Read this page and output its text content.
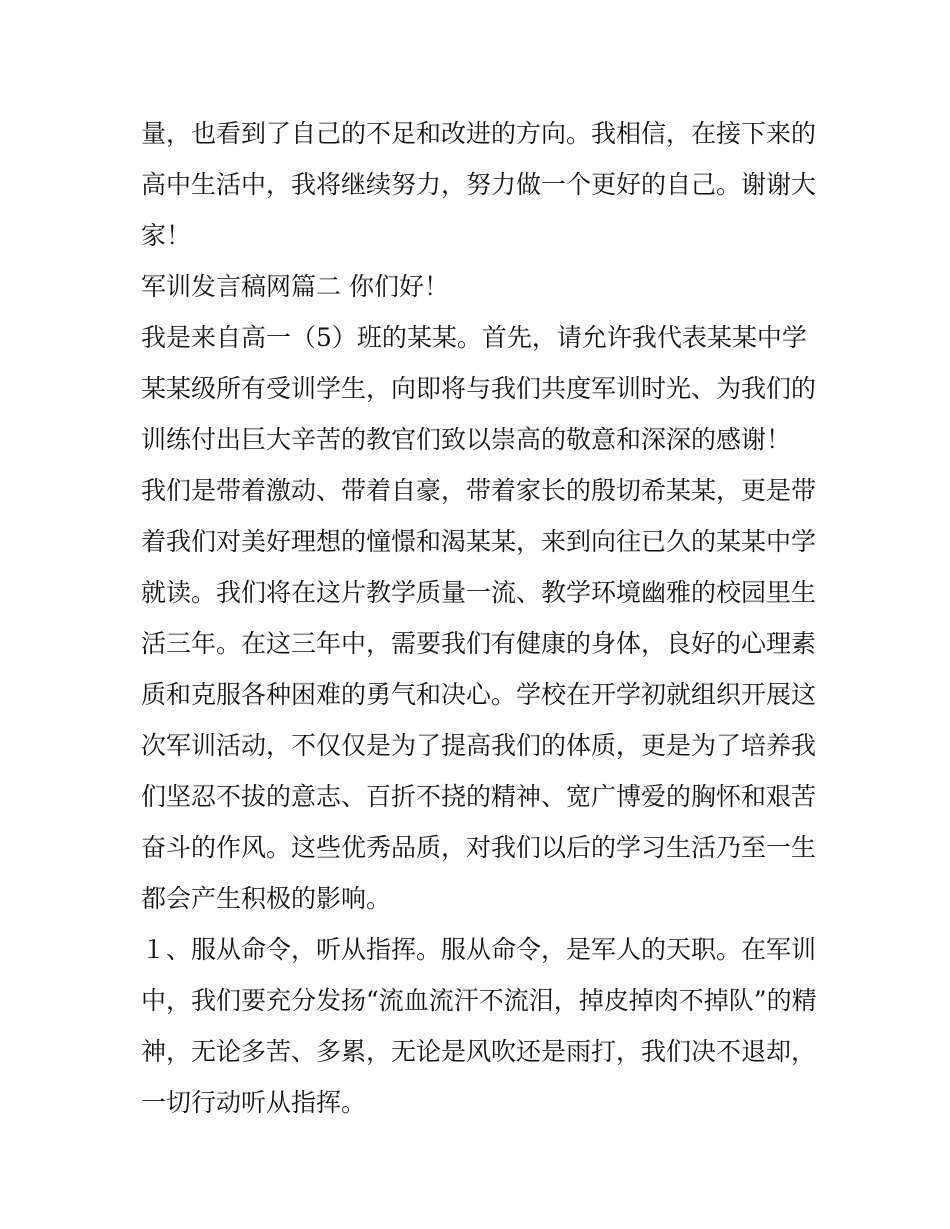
量，也看到了自己的不足和改进的方向。我相信，在接下来的
高中生活中，我将继续努力，努力做一个更好的自己。谢谢大
家！
军训发言稿网篇二 你们好！
我是来自高一（5）班的某某。首先，请允许我代表某某中学
某某级所有受训学生，向即将与我们共度军训时光、为我们的
训练付出巨大辛苦的教官们致以崇高的敬意和深深的感谢！
我们是带着激动、带着自豪，带着家长的殷切希某某，更是带
着我们对美好理想的憧憬和渴某某，来到向往已久的某某中学
就读。我们将在这片教学质量一流、教学环境幽雅的校园里生
活三年。在这三年中，需要我们有健康的身体，良好的心理素
质和克服各种困难的勇气和决心。学校在开学初就组织开展这
次军训活动，不仅仅是为了提高我们的体质，更是为了培养我
们坚忍不拔的意志、百折不挠的精神、宽广博爱的胸怀和艰苦
奋斗的作风。这些优秀品质，对我们以后的学习生活乃至一生
都会产生积极的影响。
１、服从命令，听从指挥。服从命令，是军人的天职。在军训
中，我们要充分发扬“流血流汗不流泪，掉皮掉肉不掉队”的精
神，无论多苦、多累，无论是风吹还是雨打，我们决不退却，
一切行动听从指挥。
